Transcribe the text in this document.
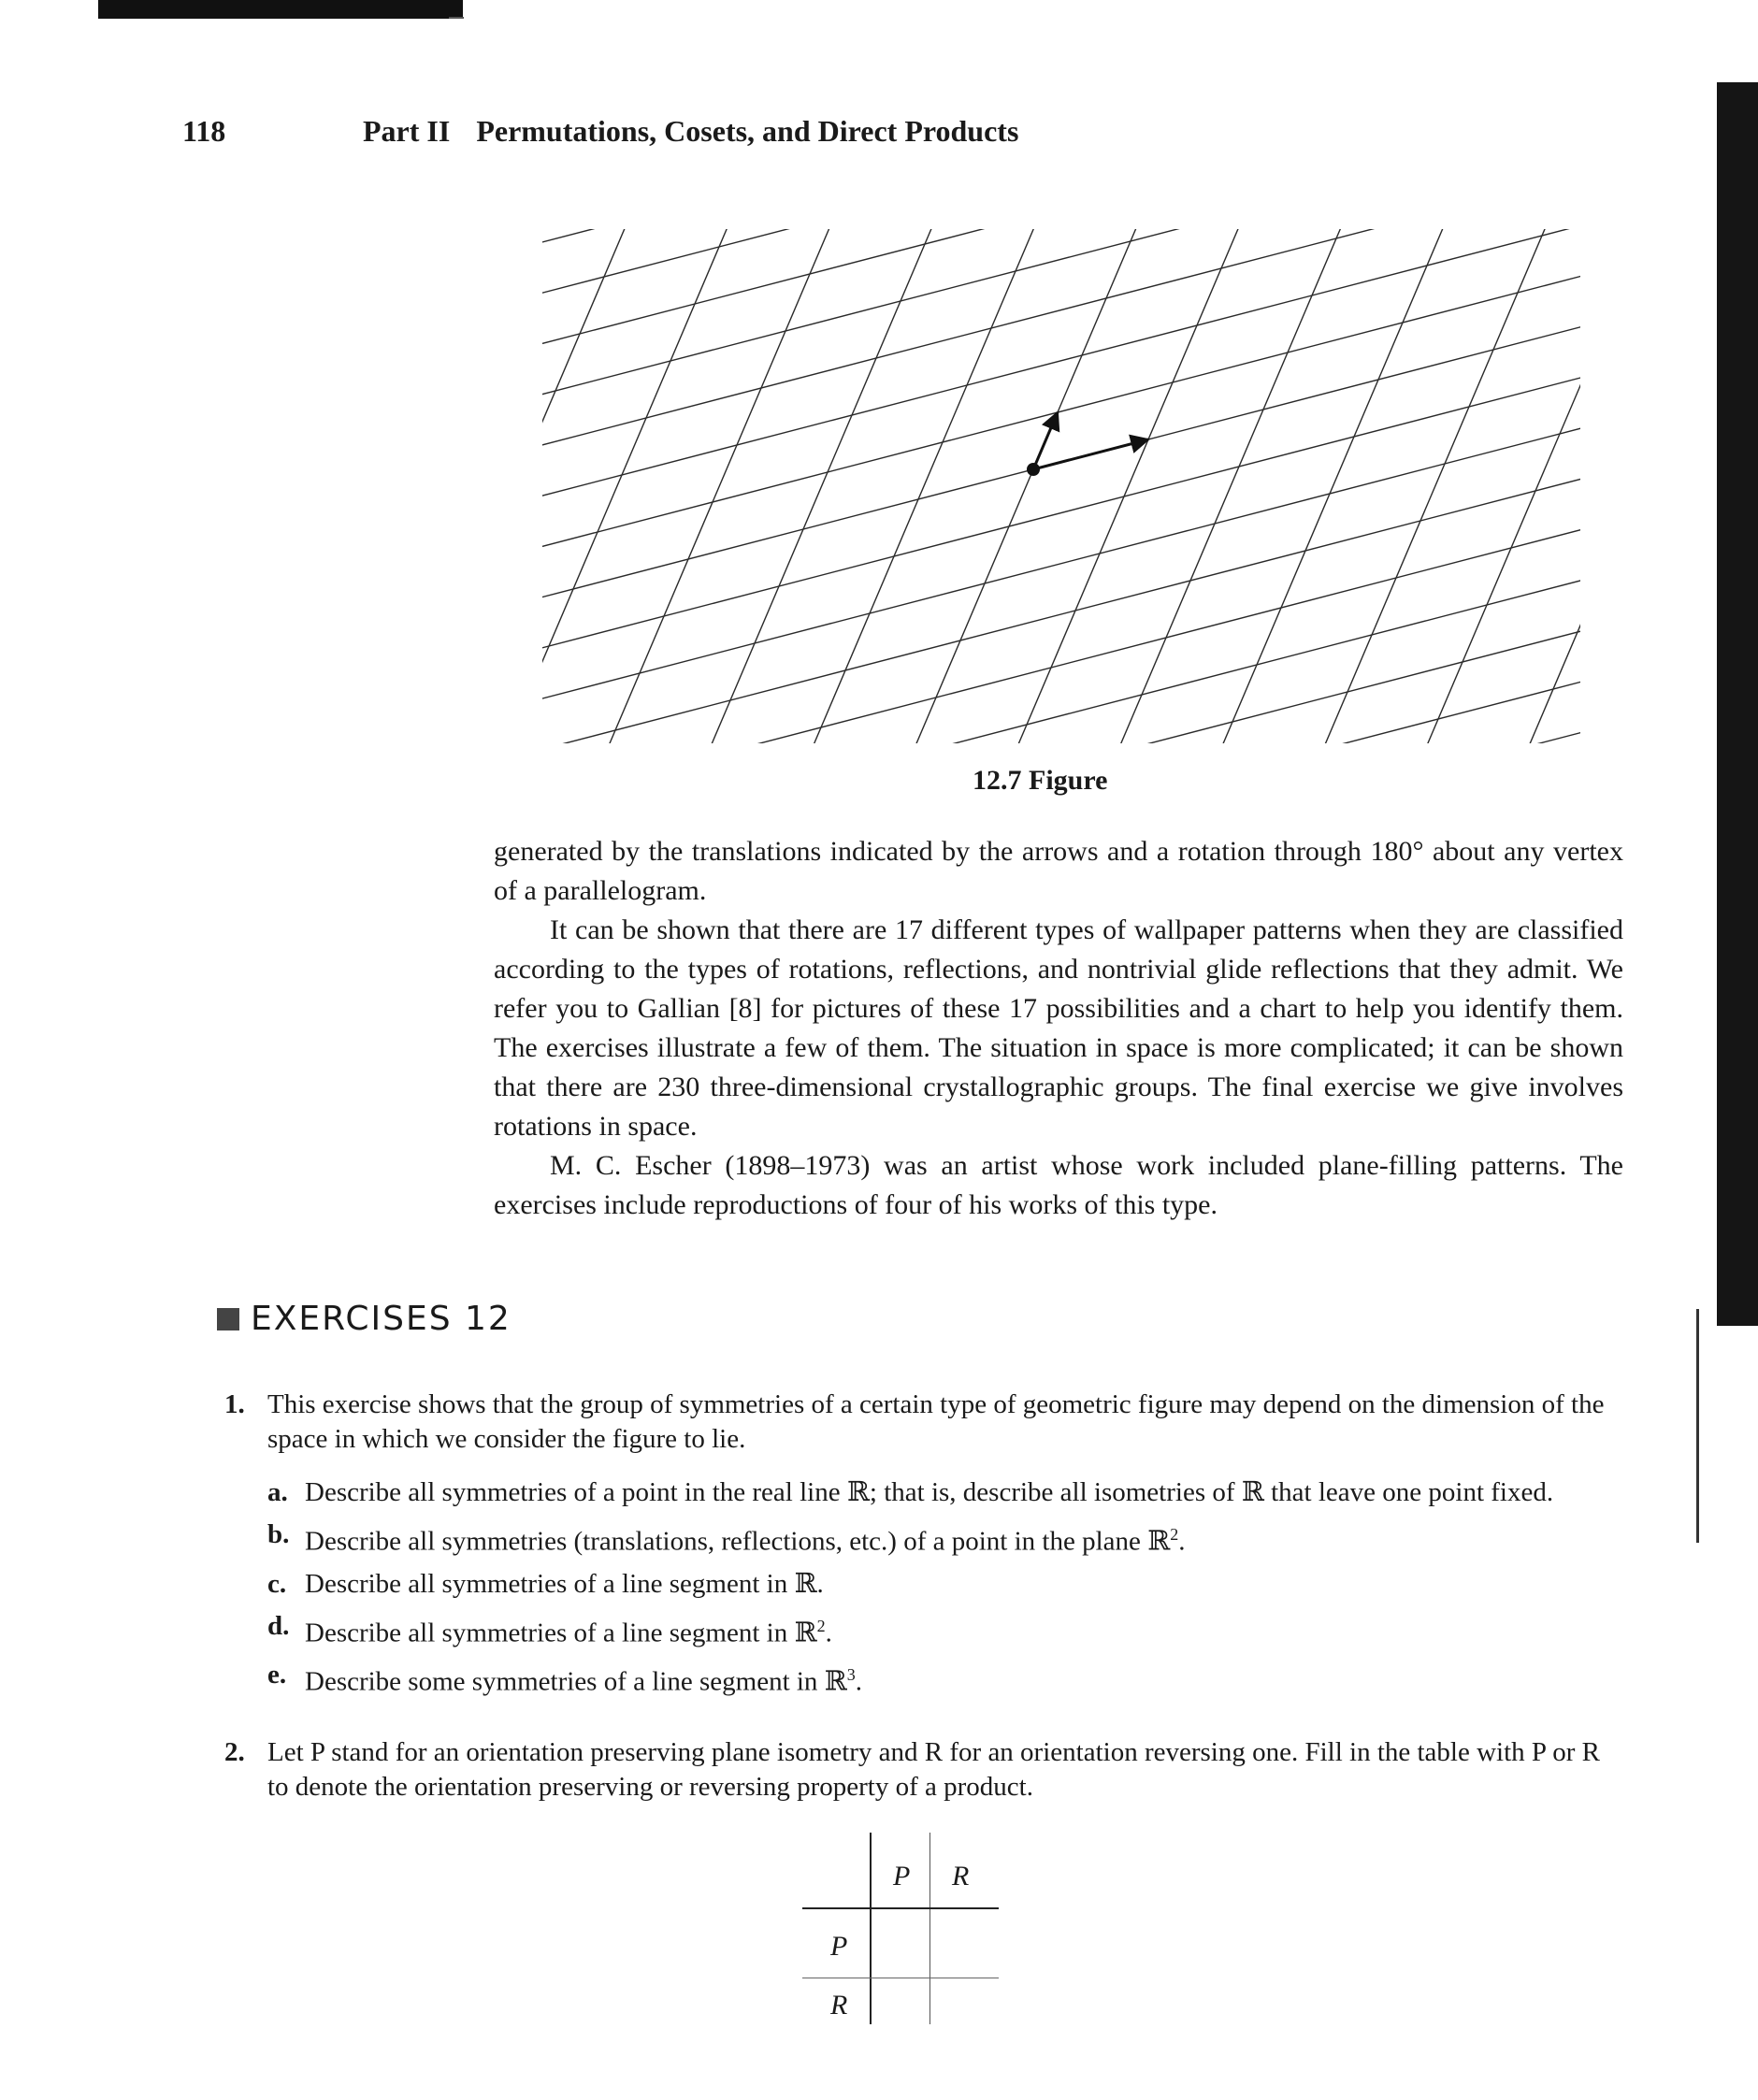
118	Part II Permutations, Cosets, and Direct Products
12.7 Figure

generated by the translations indicated by the arrows and a rotation through 180° about any vertex of a parallelogram.

It can be shown that there are 17 different types of wallpaper patterns when they are classified according to the types of rotations, reflections, and nontrivial glide reflections that they admit. We refer you to Gallian [8] for pictures of these 17 possibilities and a chart to help you identify them. The exercises illustrate a few of them. The situation in space is more complicated; it can be shown that there are 230 three-dimensional crystallographic groups. The final exercise we give involves rotations in space.

M. C. Escher (1898–1973) was an artist whose work included plane-filling patterns. The exercises include reproductions of four of his works of this type.

EXERCISES 12
1. This exercise shows that the group of symmetries of a certain type of geometric figure may depend on the dimension of the space in which we consider the figure to lie.
a. Describe all symmetries of a point in the real line ℝ; that is, describe all isometries of ℝ that leave one point fixed.
b. Describe all symmetries (translations, reflections, etc.) of a point in the plane ℝ$^2$.
c. Describe all symmetries of a line segment in ℝ.
d. Describe all symmetries of a line segment in ℝ$^2$.
e. Describe some symmetries of a line segment in ℝ$^3$.
2. Let P stand for an orientation preserving plane isometry and R for an orientation reversing one. Fill in the table with P or R to denote the orientation preserving or reversing property of a product.
P R
P
R
